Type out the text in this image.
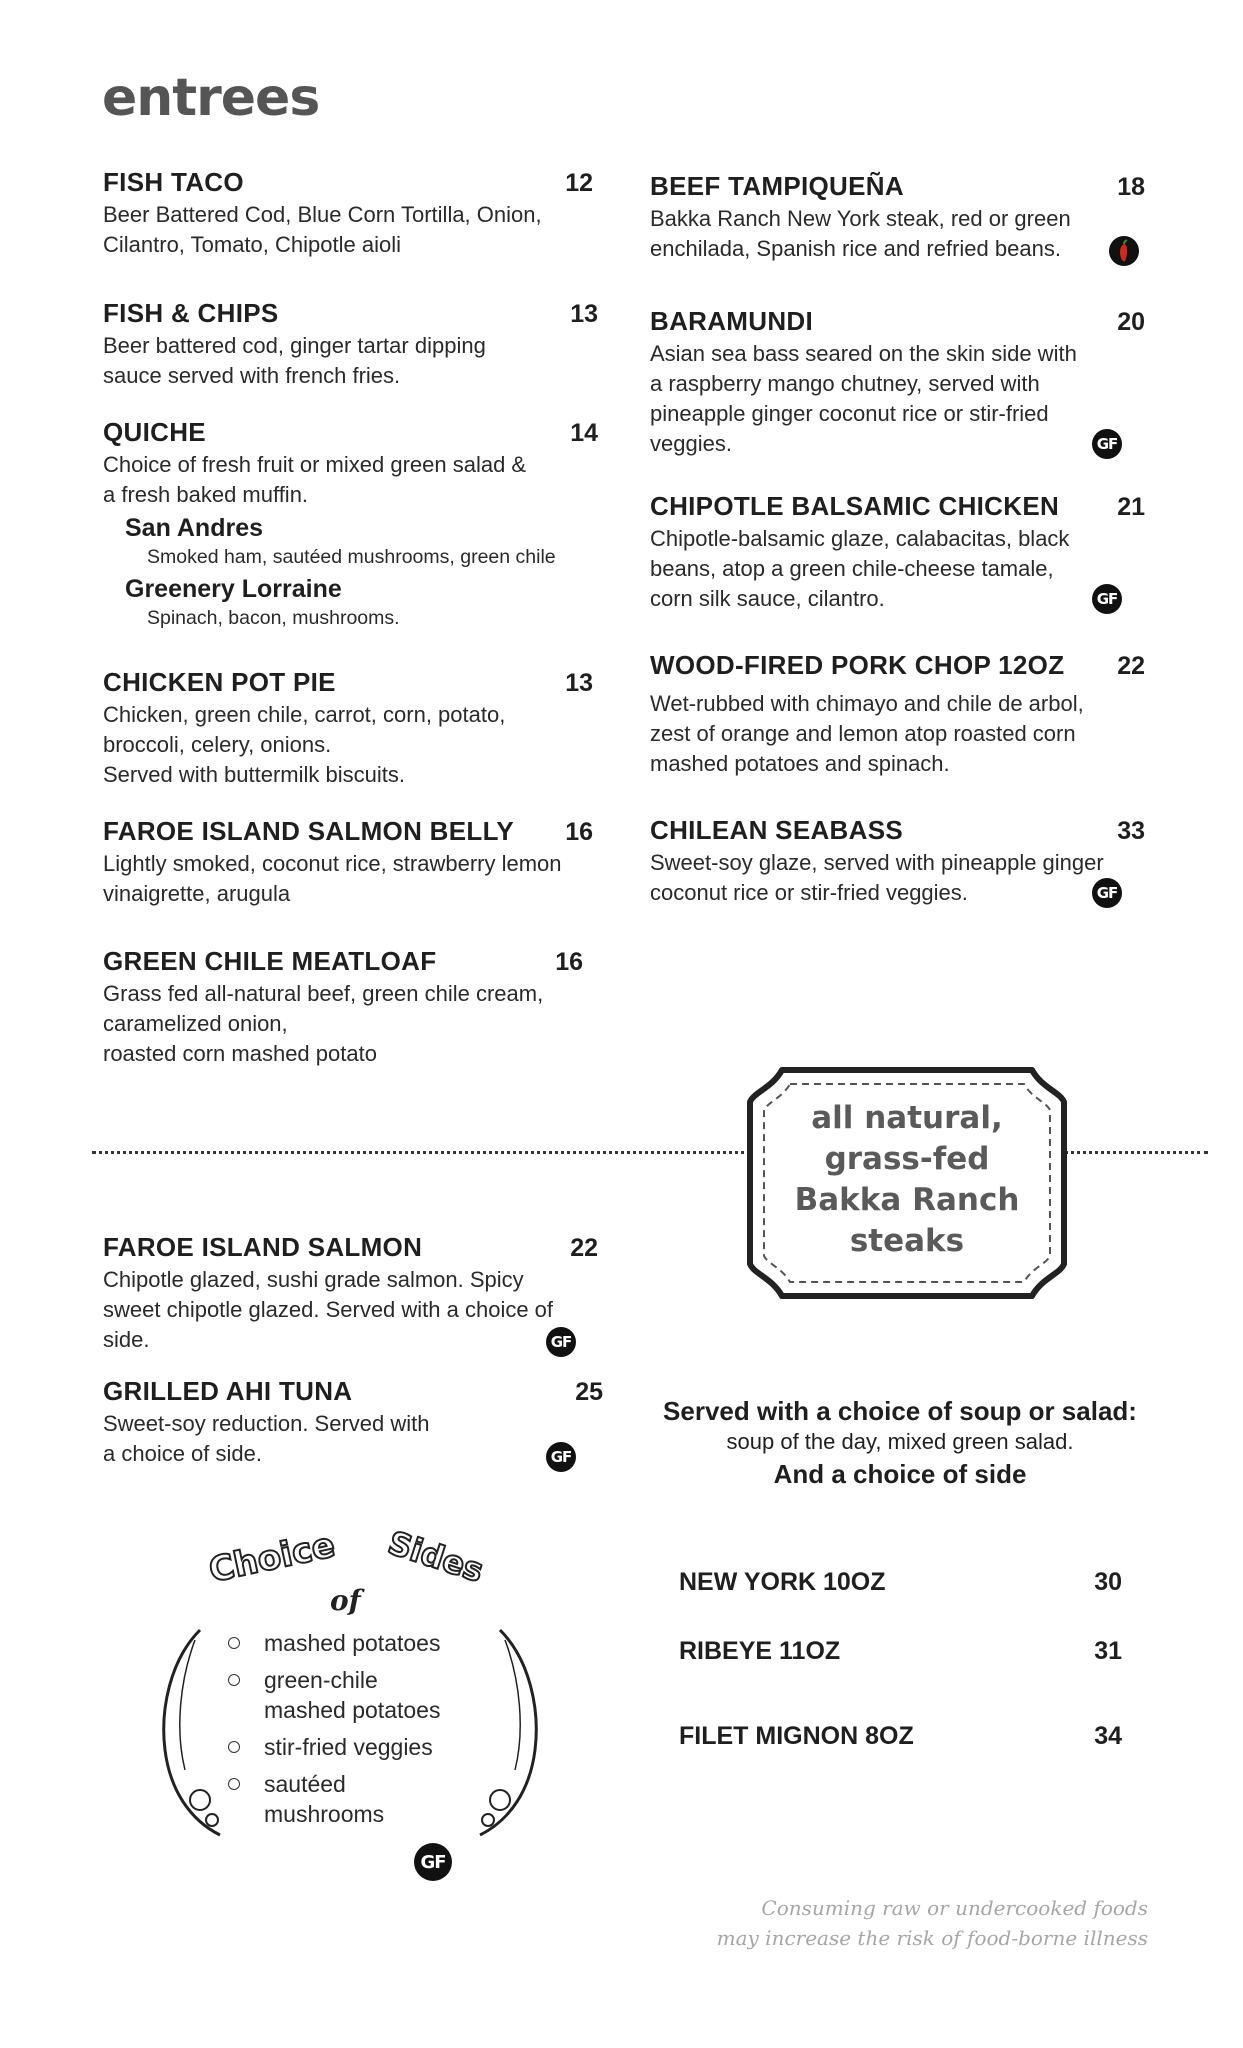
entrees
FISH TACO	12
Beer Battered Cod, Blue Corn Tortilla, Onion,
Cilantro, Tomato, Chipotle aioli
FISH & CHIPS	13
Beer battered cod, ginger tartar dipping
sauce served with french fries.
QUICHE	14
Choice of fresh fruit or mixed green salad &
a fresh baked muffin.
San Andres
Smoked ham, sautéed mushrooms, green chile
Greenery Lorraine
Spinach, bacon, mushrooms.
CHICKEN POT PIE	13
Chicken, green chile, carrot, corn, potato,
broccoli, celery, onions.
Served with buttermilk biscuits.
FAROE ISLAND SALMON BELLY 16
Lightly smoked, coconut rice, strawberry lemon
vinaigrette, arugula
GREEN CHILE MEATLOAF	16
Grass fed all-natural beef, green chile cream,
caramelized onion,
roasted corn mashed potato
BEEF TAMPIQUEÑA	18
Bakka Ranch New York steak, red or green
enchilada, Spanish rice and refried beans.
BARAMUNDI	20
Asian sea bass seared on the skin side with
a raspberry mango chutney, served with
pineapple ginger coconut rice or stir-fried
veggies.	GF
CHIPOTLE BALSAMIC CHICKEN 21
Chipotle-balsamic glaze, calabacitas, black
beans, atop a green chile-cheese tamale,
corn silk sauce, cilantro.	GF
WOOD-FIRED PORK CHOP 12OZ 22
Wet-rubbed with chimayo and chile de arbol,
zest of orange and lemon atop roasted corn
mashed potatoes and spinach.
CHILEAN SEABASS	33
Sweet-soy glaze, served with pineapple ginger
coconut rice or stir-fried veggies.	GF
all natural,
grass-fed
Bakka Ranch
steaks
FAROE ISLAND SALMON	22
Chipotle glazed, sushi grade salmon. Spicy
sweet chipotle glazed. Served with a choice of
side.	GF
GRILLED AHI TUNA	25
Sweet-soy reduction. Served with
a choice of side.	GF
Served with a choice of soup or salad:
soup of the day, mixed green salad.
And a choice of side
NEW YORK 10OZ	30
RIBEYE 11OZ	31
FILET MIGNON 8OZ	34
Choice
of
Sides
mashed potatoes
green-chile
mashed potatoes
stir-fried veggies
sautéed
mushrooms
GF
Consuming raw or undercooked foods
may increase the risk of food-borne illness
